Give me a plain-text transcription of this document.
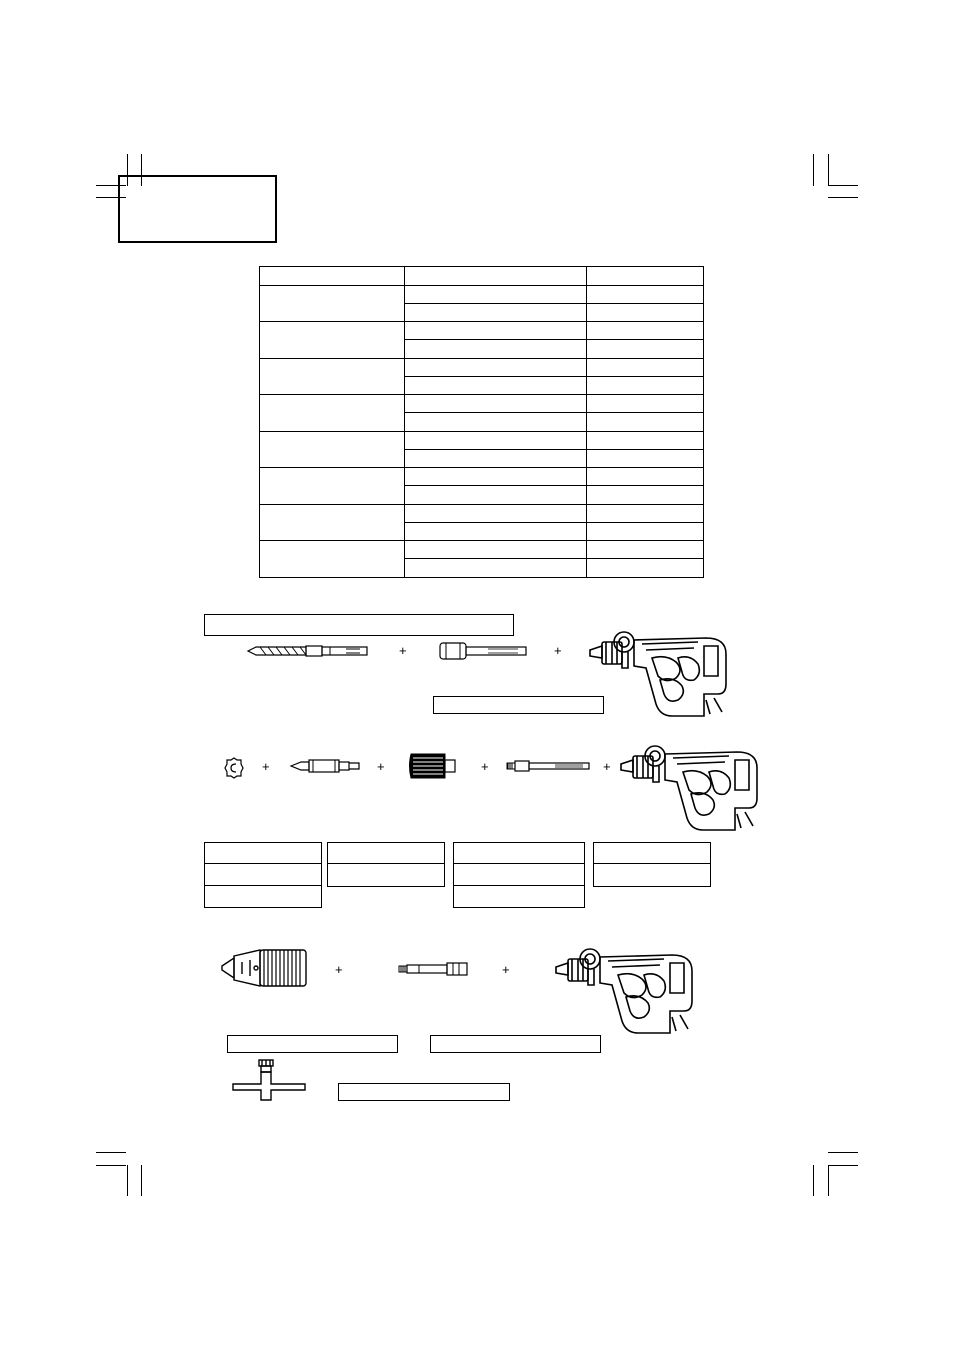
+	+
+	+	+	+
+	+
